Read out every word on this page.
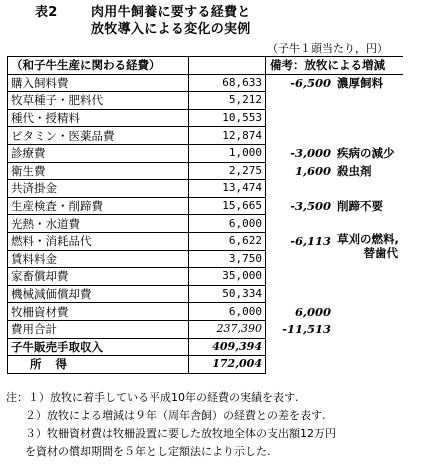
表2	肉用牛飼養に要する経費と
放牧導入による変化の実例
（子牛１頭当たり，円）
（和子牛生産に関わる経費）		備考：放牧による増減	
購入飼料費	68,633	-6,500	濃厚飼料
牧草種子・肥料代	5,212		
種代・授精料	10,553		
ビタミン・医薬品費	12,874		
診療費	1,000	-3,000	疾病の減少
衛生費	2,275	1,600	殺虫剤
共済掛金	13,474		
生産検査・削蹄費	15,665	-3,500	削蹄不要
光熱・水道費	6,000		
燃料・消耗品代	6,622	-6,113	草刈の燃料,
替歯代

賃料料金	3,750		
家畜償却費	35,000		
機械減価償却費	50,334		
牧柵資材費	6,000	6,000	
費用合計	237,390	-11,513	
子牛販売手取収入	409,394		
所得	172,004		
注：１）放牧に着手している平成10年の経費の実績を表す.
２）放牧による増減は９年（周年舎飼）の経費との差を表す.
３）牧柵資材費は牧柵設置に要した放牧地全体の支出額12万円
を資材の償却期間を５年とし定額法により示した.
